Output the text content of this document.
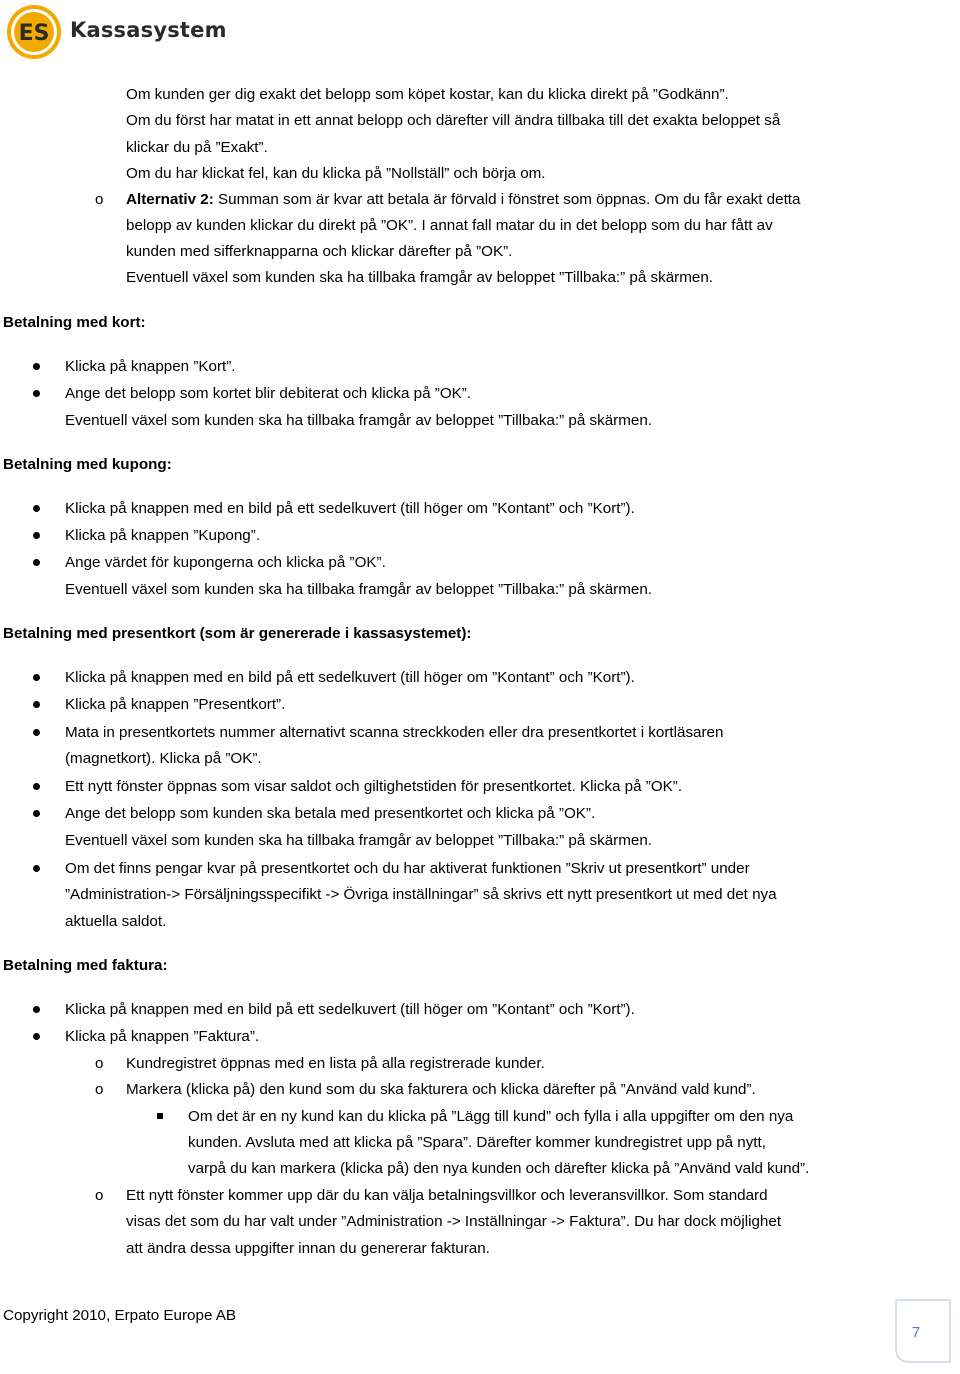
ES Kassasystem
Om kunden ger dig exakt det belopp som köpet kostar, kan du klicka direkt på ”Godkänn”.
Om du först har matat in ett annat belopp och därefter vill ändra tillbaka till det exakta beloppet så
klickar du på ”Exakt”.
Om du har klickat fel, kan du klicka på ”Nollställ” och börja om.
o Alternativ 2: Summan som är kvar att betala är förvald i fönstret som öppnas. Om du får exakt detta
belopp av kunden klickar du direkt på ”OK”. I annat fall matar du in det belopp som du har fått av
kunden med sifferknapparna och klickar därefter på ”OK”.
Eventuell växel som kunden ska ha tillbaka framgår av beloppet ”Tillbaka:” på skärmen.
Betalning med kort:
Klicka på knappen ”Kort”.
Ange det belopp som kortet blir debiterat och klicka på ”OK”.
Eventuell växel som kunden ska ha tillbaka framgår av beloppet ”Tillbaka:” på skärmen.
Betalning med kupong:
Klicka på knappen med en bild på ett sedelkuvert (till höger om ”Kontant” och ”Kort”).
Klicka på knappen ”Kupong”.
Ange värdet för kupongerna och klicka på ”OK”.
Eventuell växel som kunden ska ha tillbaka framgår av beloppet ”Tillbaka:” på skärmen.
Betalning med presentkort (som är genererade i kassasystemet):
Klicka på knappen med en bild på ett sedelkuvert (till höger om ”Kontant” och ”Kort”).
Klicka på knappen ”Presentkort”.
Mata in presentkortets nummer alternativt scanna streckkoden eller dra presentkortet i kortläsaren
(magnetkort). Klicka på ”OK”.
Ett nytt fönster öppnas som visar saldot och giltighetstiden för presentkortet. Klicka på ”OK”.
Ange det belopp som kunden ska betala med presentkortet och klicka på ”OK”.
Eventuell växel som kunden ska ha tillbaka framgår av beloppet ”Tillbaka:” på skärmen.
Om det finns pengar kvar på presentkortet och du har aktiverat funktionen ”Skriv ut presentkort” under
”Administration-> Försäljningsspecifikt -> Övriga inställningar” så skrivs ett nytt presentkort ut med det nya
aktuella saldot.
Betalning med faktura:
Klicka på knappen med en bild på ett sedelkuvert (till höger om ”Kontant” och ”Kort”).
Klicka på knappen ”Faktura”.
o Kundregistret öppnas med en lista på alla registrerade kunder.
o Markera (klicka på) den kund som du ska fakturera och klicka därefter på ”Använd vald kund”.
Om det är en ny kund kan du klicka på ”Lägg till kund” och fylla i alla uppgifter om den nya
kunden. Avsluta med att klicka på ”Spara”. Därefter kommer kundregistret upp på nytt,
varpå du kan markera (klicka på) den nya kunden och därefter klicka på ”Använd vald kund”.
o Ett nytt fönster kommer upp där du kan välja betalningsvillkor och leveransvillkor. Som standard
visas det som du har valt under ”Administration -> Inställningar -> Faktura”. Du har dock möjlighet
att ändra dessa uppgifter innan du genererar fakturan.
Copyright 2010, Erpato Europe AB
7
